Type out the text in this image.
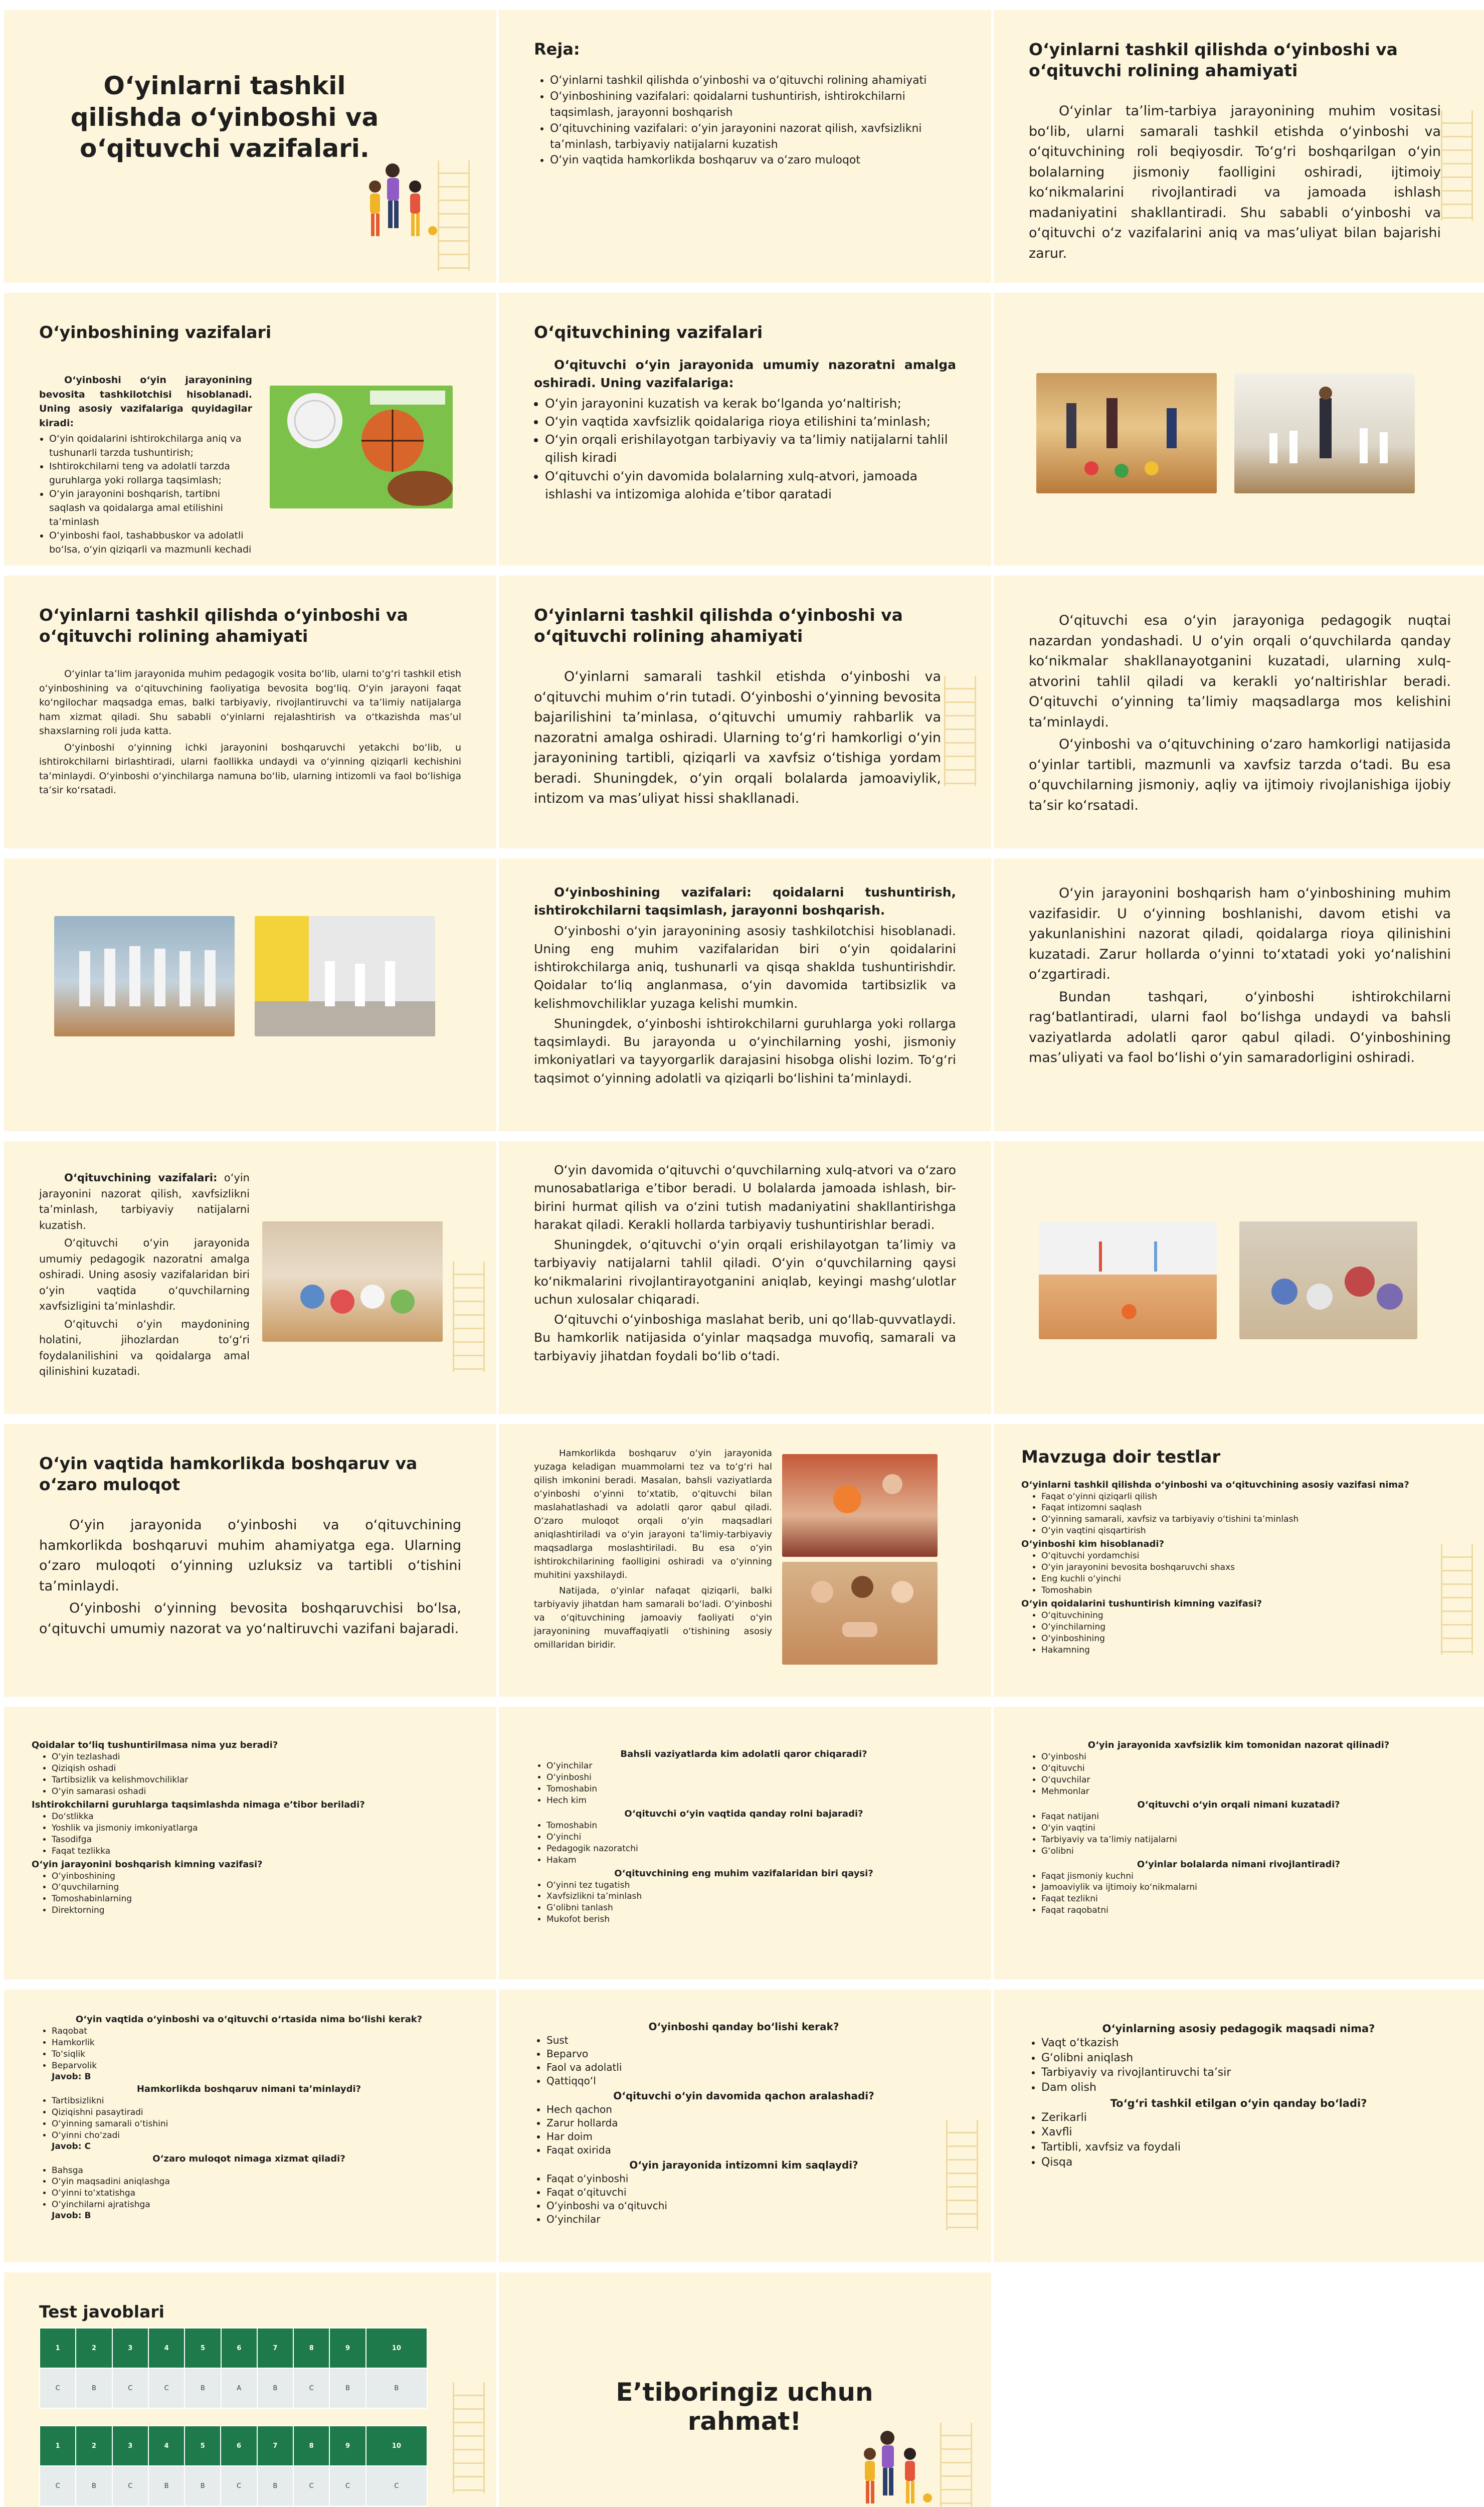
O‘yinlarni tashkil qilishda o‘yinboshi va o‘qituvchi vazifalari.
Reja:
• O‘yinlarni tashkil qilishda o‘yinboshi va o‘qituvchi rolining ahamiyati
• O‘yinboshining vazifalari: qoidalarni tushuntirish, ishtirokchilarni taqsimlash, jarayonni boshqarish
• O‘qituvchining vazifalari: o‘yin jarayonini nazorat qilish, xavfsizlikni ta’minlash, tarbiyaviy natijalarni kuzatish
• O‘yin vaqtida hamkorlikda boshqaruv va o‘zaro muloqot
O‘yinlarni tashkil qilishda o‘yinboshi va o‘qituvchi rolining ahamiyati

O‘yinlar ta’lim-tarbiya jarayonining muhim vositasi bo‘lib, ularni samarali tashkil etishda o‘yinboshi va o‘qituvchining roli beqiyosdir. To‘g‘ri boshqarilgan o‘yin bolalarning jismoniy faolligini oshiradi, ijtimoiy ko‘nikmalarini rivojlantiradi va jamoada ishlash madaniyatini shakllantiradi. Shu sababli o‘yinboshi va o‘qituvchi o‘z vazifalarini aniq va mas’uliyat bilan bajarishi zarur.

O‘yinboshining vazifalari

O‘yinboshi o‘yin jarayonining bevosita tashkilotchisi hisoblanadi. Uning asosiy vazifalariga quyidagilar kiradi:

• O‘yin qoidalarini ishtirokchilarga aniq va tushunarli tarzda tushuntirish;
• Ishtirokchilarni teng va adolatli tarzda guruhlarga yoki rollarga taqsimlash;
• O‘yin jarayonini boshqarish, tartibni saqlash va qoidalarga amal etilishini ta’minlash
• O‘yinboshi faol, tashabbuskor va adolatli bo‘lsa, o‘yin qiziqarli va mazmunli kechadi
O‘qituvchining vazifalari

O‘qituvchi o‘yin jarayonida umumiy nazoratni amalga oshiradi. Uning vazifalariga:

• O‘yin jarayonini kuzatish va kerak bo‘lganda yo‘naltirish;
• O‘yin vaqtida xavfsizlik qoidalariga rioya etilishini ta’minlash;
• O‘yin orqali erishilayotgan tarbiyaviy va ta’limiy natijalarni tahlil qilish kiradi
• O‘qituvchi o‘yin davomida bolalarning xulq-atvori, jamoada ishlashi va intizomiga alohida e’tibor qaratadi
O‘yinlarni tashkil qilishda o‘yinboshi va o‘qituvchi rolining ahamiyati

O‘yinlar ta’lim jarayonida muhim pedagogik vosita bo‘lib, ularni to‘g‘ri tashkil etish o‘yinboshining va o‘qituvchining faoliyatiga bevosita bog‘liq. O‘yin jarayoni faqat ko‘ngilochar maqsadga emas, balki tarbiyaviy, rivojlantiruvchi va ta’limiy natijalarga ham xizmat qiladi. Shu sababli o‘yinlarni rejalashtirish va o‘tkazishda mas’ul shaxslarning roli juda katta.

O‘yinboshi o‘yinning ichki jarayonini boshqaruvchi yetakchi bo‘lib, u ishtirokchilarni birlashtiradi, ularni faollikka undaydi va o‘yinning qiziqarli kechishini ta’minlaydi. O‘yinboshi o‘yinchilarga namuna bo‘lib, ularning intizomli va faol bo‘lishiga ta’sir ko‘rsatadi.

O‘yinlarni tashkil qilishda o‘yinboshi va o‘qituvchi rolining ahamiyati

O‘yinlarni samarali tashkil etishda o‘yinboshi va o‘qituvchi muhim o‘rin tutadi. O‘yinboshi o‘yinning bevosita bajarilishini ta’minlasa, o‘qituvchi umumiy rahbarlik va nazoratni amalga oshiradi. Ularning to‘g‘ri hamkorligi o‘yin jarayonining tartibli, qiziqarli va xavfsiz o‘tishiga yordam beradi. Shuningdek, o‘yin orqali bolalarda jamoaviylik, intizom va mas’uliyat hissi shakllanadi.

O‘qituvchi esa o‘yin jarayoniga pedagogik nuqtai nazardan yondashadi. U o‘yin orqali o‘quvchilarda qanday ko‘nikmalar shakllanayotganini kuzatadi, ularning xulq-atvorini tahlil qiladi va kerakli yo‘naltirishlar beradi. O‘qituvchi o‘yinning ta’limiy maqsadlarga mos kelishini ta’minlaydi.

O‘yinboshi va o‘qituvchining o‘zaro hamkorligi natijasida o‘yinlar tartibli, mazmunli va xavfsiz tarzda o‘tadi. Bu esa o‘quvchilarning jismoniy, aqliy va ijtimoiy rivojlanishiga ijobiy ta’sir ko‘rsatadi.

O‘yinboshining vazifalari: qoidalarni tushuntirish, ishtirokchilarni taqsimlash, jarayonni boshqarish.

O‘yinboshi o‘yin jarayonining asosiy tashkilotchisi hisoblanadi. Uning eng muhim vazifalaridan biri o‘yin qoidalarini ishtirokchilarga aniq, tushunarli va qisqa shaklda tushuntirishdir. Qoidalar to‘liq anglanmasa, o‘yin davomida tartibsizlik va kelishmovchiliklar yuzaga kelishi mumkin.

Shuningdek, o‘yinboshi ishtirokchilarni guruhlarga yoki rollarga taqsimlaydi. Bu jarayonda u o‘yinchilarning yoshi, jismoniy imkoniyatlari va tayyorgarlik darajasini hisobga olishi lozim. To‘g‘ri taqsimot o‘yinning adolatli va qiziqarli bo‘lishini ta’minlaydi.

O‘yin jarayonini boshqarish ham o‘yinboshining muhim vazifasidir. U o‘yinning boshlanishi, davom etishi va yakunlanishini nazorat qiladi, qoidalarga rioya qilinishini kuzatadi. Zarur hollarda o‘yinni to‘xtatadi yoki yo‘nalishini o‘zgartiradi.

Bundan tashqari, o‘yinboshi ishtirokchilarni rag‘batlantiradi, ularni faol bo‘lishga undaydi va bahsli vaziyatlarda adolatli qaror qabul qiladi. O‘yinboshining mas’uliyati va faol bo‘lishi o‘yin samaradorligini oshiradi.

O‘qituvchining vazifalari: o‘yin jarayonini nazorat qilish, xavfsizlikni ta’minlash, tarbiyaviy natijalarni kuzatish.

O‘qituvchi o‘yin jarayonida umumiy pedagogik nazoratni amalga oshiradi. Uning asosiy vazifalaridan biri o‘yin vaqtida o‘quvchilarning xavfsizligini ta’minlashdir.

O‘qituvchi o‘yin maydonining holatini, jihozlardan to‘g‘ri foydalanilishini va qoidalarga amal qilinishini kuzatadi.

O‘yin davomida o‘qituvchi o‘quvchilarning xulq-atvori va o‘zaro munosabatlariga e’tibor beradi. U bolalarda jamoada ishlash, bir-birini hurmat qilish va o‘zini tutish madaniyatini shakllantirishga harakat qiladi. Kerakli hollarda tarbiyaviy tushuntirishlar beradi.

Shuningdek, o‘qituvchi o‘yin orqali erishilayotgan ta’limiy va tarbiyaviy natijalarni tahlil qiladi. O‘yin o‘quvchilarning qaysi ko‘nikmalarini rivojlantirayotganini aniqlab, keyingi mashg‘ulotlar uchun xulosalar chiqaradi.

O‘qituvchi o‘yinboshiga maslahat berib, uni qo‘llab-quvvatlaydi. Bu hamkorlik natijasida o‘yinlar maqsadga muvofiq, samarali va tarbiyaviy jihatdan foydali bo‘lib o‘tadi.

O‘yin vaqtida hamkorlikda boshqaruv va o‘zaro muloqot

O‘yin jarayonida o‘yinboshi va o‘qituvchining hamkorlikda boshqaruvi muhim ahamiyatga ega. Ularning o‘zaro muloqoti o‘yinning uzluksiz va tartibli o‘tishini ta’minlaydi.

O‘yinboshi o‘yinning bevosita boshqaruvchisi bo‘lsa, o‘qituvchi umumiy nazorat va yo‘naltiruvchi vazifani bajaradi.

Hamkorlikda boshqaruv o‘yin jarayonida yuzaga keladigan muammolarni tez va to‘g‘ri hal qilish imkonini beradi. Masalan, bahsli vaziyatlarda o‘yinboshi o‘yinni to‘xtatib, o‘qituvchi bilan maslahatlashadi va adolatli qaror qabul qiladi. O‘zaro muloqot orqali o‘yin maqsadlari aniqlashtiriladi va o‘yin jarayoni ta’limiy-tarbiyaviy maqsadlarga moslashtiriladi. Bu esa o‘yin ishtirokchilarining faolligini oshiradi va o‘yinning muhitini yaxshilaydi.

Natijada, o‘yinlar nafaqat qiziqarli, balki tarbiyaviy jihatdan ham samarali bo‘ladi. O‘yinboshi va o‘qituvchining jamoaviy faoliyati o‘yin jarayonining muvaffaqiyatli o‘tishining asosiy omillaridan biridir.

Mavzuga doir testlar
O‘yinlarni tashkil qilishda o‘yinboshi va o‘qituvchining asosiy vazifasi nima?
• Faqat o‘yinni qiziqarli qilish
• Faqat intizomni saqlash
• O‘yinning samarali, xavfsiz va tarbiyaviy o‘tishini ta’minlash
• O‘yin vaqtini qisqartirish
O‘yinboshi kim hisoblanadi?
• O‘qituvchi yordamchisi
• O‘yin jarayonini bevosita boshqaruvchi shaxs
• Eng kuchli o‘yinchi
• Tomoshabin
O‘yin qoidalarini tushuntirish kimning vazifasi?
• O‘qituvchining
• O‘yinchilarning
• O‘yinboshining
• Hakamning
Qoidalar to‘liq tushuntirilmasa nima yuz beradi?
• O‘yin tezlashadi
• Qiziqish oshadi
• Tartibsizlik va kelishmovchiliklar
• O‘yin samarasi oshadi
Ishtirokchilarni guruhlarga taqsimlashda nimaga e’tibor beriladi?
• Do‘stlikka
• Yoshlik va jismoniy imkoniyatlarga
• Tasodifga
• Faqat tezlikka
O‘yin jarayonini boshqarish kimning vazifasi?
• O‘yinboshining
• O‘quvchilarning
• Tomoshabinlarning
• Direktorning
Bahsli vaziyatlarda kim adolatli qaror chiqaradi?
• O‘yinchilar
• O‘yinboshi
• Tomoshabin
• Hech kim
O‘qituvchi o‘yin vaqtida qanday rolni bajaradi?
• Tomoshabin
• O‘yinchi
• Pedagogik nazoratchi
• Hakam
O‘qituvchining eng muhim vazifalaridan biri qaysi?
• O‘yinni tez tugatish
• Xavfsizlikni ta’minlash
• G‘olibni tanlash
• Mukofot berish
O‘yin jarayonida xavfsizlik kim tomonidan nazorat qilinadi?
• O‘yinboshi
• O‘qituvchi
• O‘quvchilar
• Mehmonlar
O‘qituvchi o‘yin orqali nimani kuzatadi?
• Faqat natijani
• O‘yin vaqtini
• Tarbiyaviy va ta’limiy natijalarni
• G‘olibni
O‘yinlar bolalarda nimani rivojlantiradi?
• Faqat jismoniy kuchni
• Jamoaviylik va ijtimoiy ko‘nikmalarni
• Faqat tezlikni
• Faqat raqobatni
O‘yin vaqtida o‘yinboshi va o‘qituvchi o‘rtasida nima bo‘lishi kerak?
• Raqobat
• Hamkorlik
• To‘siqlik
• Beparvolik
Javob: B
Hamkorlikda boshqaruv nimani ta’minlaydi?
• Tartibsizlikni
• Qiziqishni pasaytiradi
• O‘yinning samarali o‘tishini
• O‘yinni cho‘zadi
Javob: C
O‘zaro muloqot nimaga xizmat qiladi?
• Bahsga
• O‘yin maqsadini aniqlashga
• O‘yinni to‘xtatishga
• O‘yinchilarni ajratishga
Javob: B
O‘yinboshi qanday bo‘lishi kerak?
• Sust
• Beparvo
• Faol va adolatli
• Qattiqqo‘l
O‘qituvchi o‘yin davomida qachon aralashadi?
• Hech qachon
• Zarur hollarda
• Har doim
• Faqat oxirida
O‘yin jarayonida intizomni kim saqlaydi?
• Faqat o‘yinboshi
• Faqat o‘qituvchi
• O‘yinboshi va o‘qituvchi
• O‘yinchilar
O‘yinlarning asosiy pedagogik maqsadi nima?
• Vaqt o‘tkazish
• G‘olibni aniqlash
• Tarbiyaviy va rivojlantiruvchi ta’sir
• Dam olish
To‘g‘ri tashkil etilgan o‘yin qanday bo‘ladi?
• Zerikarli
• Xavfli
• Tartibli, xavfsiz va foydali
• Qisqa
Test javoblari
1	2	3	4	5	6	7	8	9	10
C	B	C	C	B	A	B	C	B	B
1	2	3	4	5	6	7	8	9	10
C	B	C	B	B	C	B	C	C	C
E’tiboringiz uchun rahmat!
